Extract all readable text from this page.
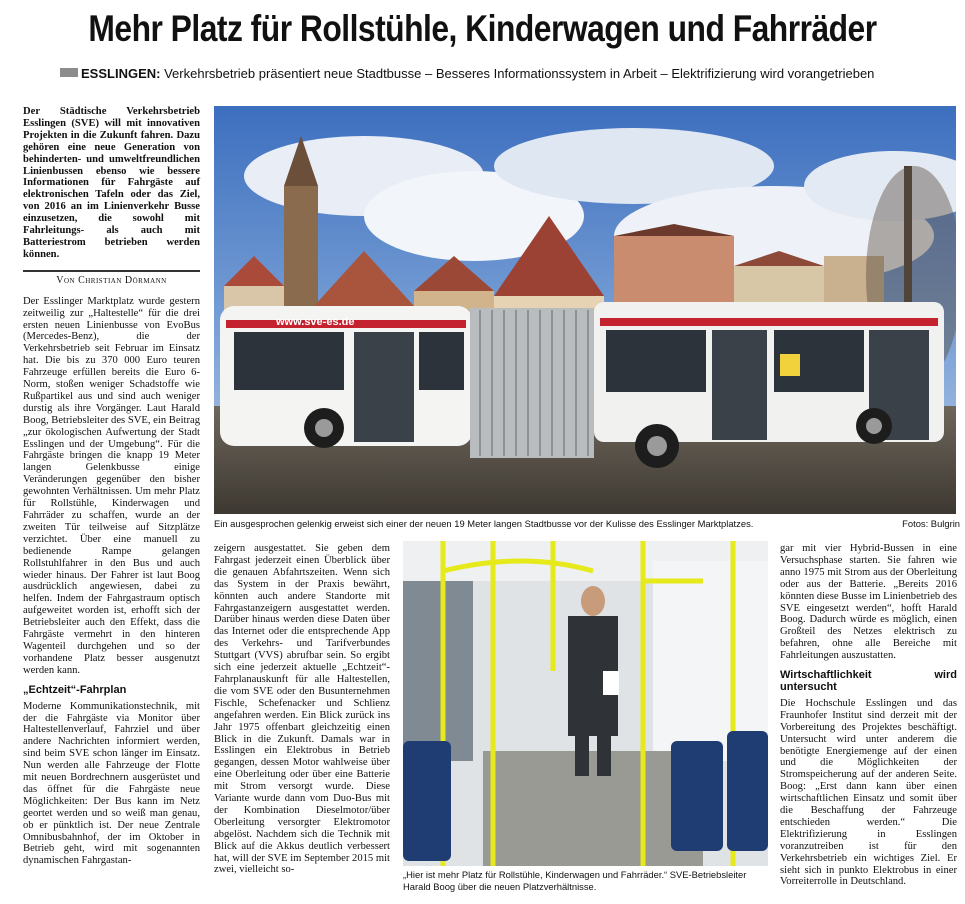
Mehr Platz für Rollstühle, Kinderwagen und Fahrräder
ESSLINGEN: Verkehrsbetrieb präsentiert neue Stadtbusse – Besseres Informationssystem in Arbeit – Elektrifizierung wird vorangetrieben

Der Städtische Verkehrsbetrieb Esslingen (SVE) will mit innovativen Projekten in die Zukunft fahren. Dazu gehören eine neue Generation von behinderten- und umweltfreundlichen Linienbussen ebenso wie bessere Informationen für Fahrgäste auf elektronischen Tafeln oder das Ziel, von 2016 an im Linienverkehr Busse einzusetzen, die sowohl mit Fahrleitungs- als auch mit Batteriestrom betrieben werden können.

Von Christian Dörmann

Der Esslinger Marktplatz wurde gestern zeitweilig zur „Haltestelle“ für die drei ersten neuen Linienbusse von EvoBus (Mercedes-Benz), die der Verkehrsbetrieb seit Februar im Einsatz hat. Die bis zu 370 000 Euro teuren Fahrzeuge erfüllen bereits die Euro 6-Norm, stoßen weniger Schadstoffe wie Rußpartikel aus und sind auch weniger durstig als ihre Vorgänger. Laut Harald Boog, Betriebsleiter des SVE, ein Beitrag „zur ökologischen Aufwertung der Stadt Esslingen und der Umgebung“. Für die Fahrgäste bringen die knapp 19 Meter langen Gelenkbusse einige Veränderungen gegenüber den bisher gewohnten Verhältnissen. Um mehr Platz für Rollstühle, Kinderwagen und Fahrräder zu schaffen, wurde an der zweiten Tür teilweise auf Sitzplätze verzichtet. Über eine manuell zu bedienende Rampe gelangen Rollstuhlfahrer in den Bus und auch wieder hinaus. Der Fahrer ist laut Boog ausdrücklich angewiesen, dabei zu helfen. Indem der Fahrgastraum optisch aufgeweitet worden ist, erhofft sich der Betriebsleiter auch den Effekt, dass die Fahrgäste vermehrt in den hinteren Wagenteil durchgehen und so der vorhandene Platz besser ausgenutzt werden kann.

„Echtzeit“-Fahrplan

Moderne Kommunikationstechnik, mit der die Fahrgäste via Monitor über Haltestellenverlauf, Fahrziel und über andere Nachrichten informiert werden, sind beim SVE schon länger im Einsatz. Nun werden alle Fahrzeuge der Flotte mit neuen Bordrechnern ausgerüstet und das öffnet für die Fahrgäste neue Möglichkeiten: Der Bus kann im Netz geortet werden und so weiß man genau, ob er pünktlich ist. Der neue Zentrale Omnibusbahnhof, der im Oktober in Betrieb geht, wird mit sogenannten dynamischen Fahrgastan-

www.sve-es.de
Ein ausgesprochen gelenkig erweist sich einer der neuen 19 Meter langen Stadtbusse vor der Kulisse des Esslinger Marktplatzes.	Fotos: Bulgrin

zeigern ausgestattet. Sie geben dem Fahrgast jederzeit einen Überblick über die genauen Abfahrtszeiten. Wenn sich das System in der Praxis bewährt, könnten auch andere Standorte mit Fahrgastanzeigern ausgestattet werden. Darüber hinaus werden diese Daten über das Internet oder die entsprechende App des Verkehrs- und Tarifverbundes Stuttgart (VVS) abrufbar sein. So ergibt sich eine jederzeit aktuelle „Echtzeit“-Fahrplanauskunft für alle Haltestellen, die vom SVE oder den Busunternehmen Fischle, Schefenacker und Schlienz angefahren werden. Ein Blick zurück ins Jahr 1975 offenbart gleichzeitig einen Blick in die Zukunft. Damals war in Esslingen ein Elektrobus in Betrieb gegangen, dessen Motor wahlweise über eine Oberleitung oder über eine Batterie mit Strom versorgt wurde. Diese Variante wurde dann vom Duo-Bus mit der Kombination Dieselmotor/über Oberleitung versorgter Elektromotor abgelöst. Nachdem sich die Technik mit Blick auf die Akkus deutlich verbessert hat, will der SVE im September 2015 mit zwei, vielleicht so-	„Hier ist mehr Platz für Rollstühle, Kinderwagen und Fahrräder.“ SVE-Betriebsleiter Harald Boog über die neuen Platzverhältnisse.

gar mit vier Hybrid-Bussen in eine Versuchsphase starten. Sie fahren wie anno 1975 mit Strom aus der Oberleitung oder aus der Batterie. „Bereits 2016 könnten diese Busse im Linienbetrieb des SVE eingesetzt werden“, hofft Harald Boog. Dadurch würde es möglich, einen Großteil des Netzes elektrisch zu befahren, ohne alle Bereiche mit Fahrleitungen auszustatten.

Wirtschaftlichkeit wird untersucht

Die Hochschule Esslingen und das Fraunhofer Institut sind derzeit mit der Vorbereitung des Projektes beschäftigt. Untersucht wird unter anderem die benötigte Energiemenge auf der einen und die Möglichkeiten der Stromspeicherung auf der anderen Seite. Boog: „Erst dann kann über einen wirtschaftlichen Einsatz und somit über die Beschaffung der Fahrzeuge entschieden werden.“ Die Elektrifizierung in Esslingen voranzutreiben ist für den Verkehrsbetrieb ein wichtiges Ziel. Er sieht sich in punkto Elektrobus in einer Vorreiterrolle in Deutschland.
